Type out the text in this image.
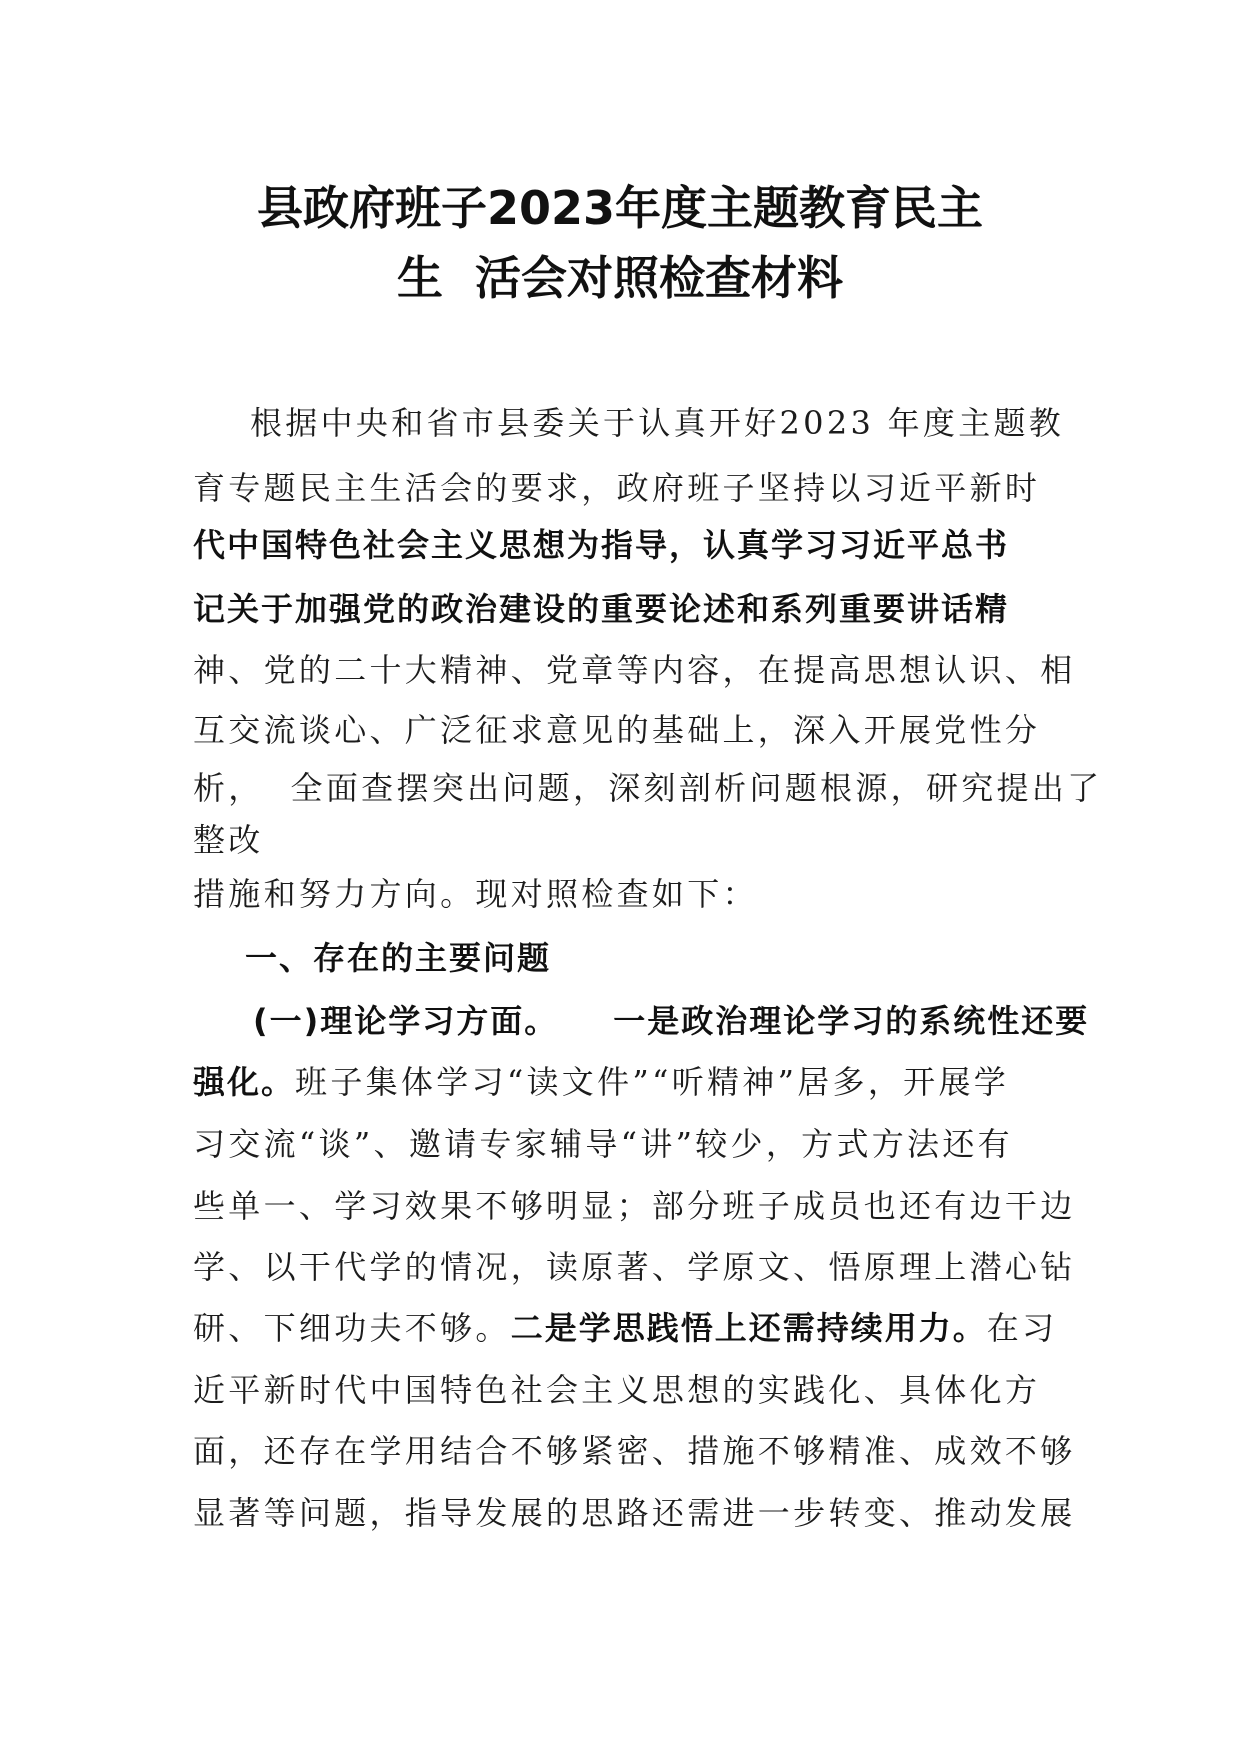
县政府班子2023年度主题教育民主
生  活会对照检查材料

根据中央和省市县委关于认真开好2023 年度主题教

育专题民主生活会的要求，政府班子坚持以习近平新时

代中国特色社会主义思想为指导，认真学习习近平总书

记关于加强党的政治建设的重要论述和系列重要讲话精

神、党的二十大精神、党章等内容，在提高思想认识、相

互交流谈心、广泛征求意见的基础上，深入开展党性分

析，  全面查摆突出问题，深刻剖析问题根源，研究提出了

整改

措施和努力方向。现对照检查如下：

一、存在的主要问题

(一)理论学习方面。 一是政治理论学习的系统性还要

强化。班子集体学习“读文件”“听精神”居多，开展学

习交流“谈”、邀请专家辅导“讲”较少，方式方法还有

些单一、学习效果不够明显；部分班子成员也还有边干边

学、以干代学的情况，读原著、学原文、悟原理上潜心钻

研、下细功夫不够。二是学思践悟上还需持续用力。在习

近平新时代中国特色社会主义思想的实践化、具体化方

面，还存在学用结合不够紧密、措施不够精准、成效不够

显著等问题，指导发展的思路还需进一步转变、推动发展
